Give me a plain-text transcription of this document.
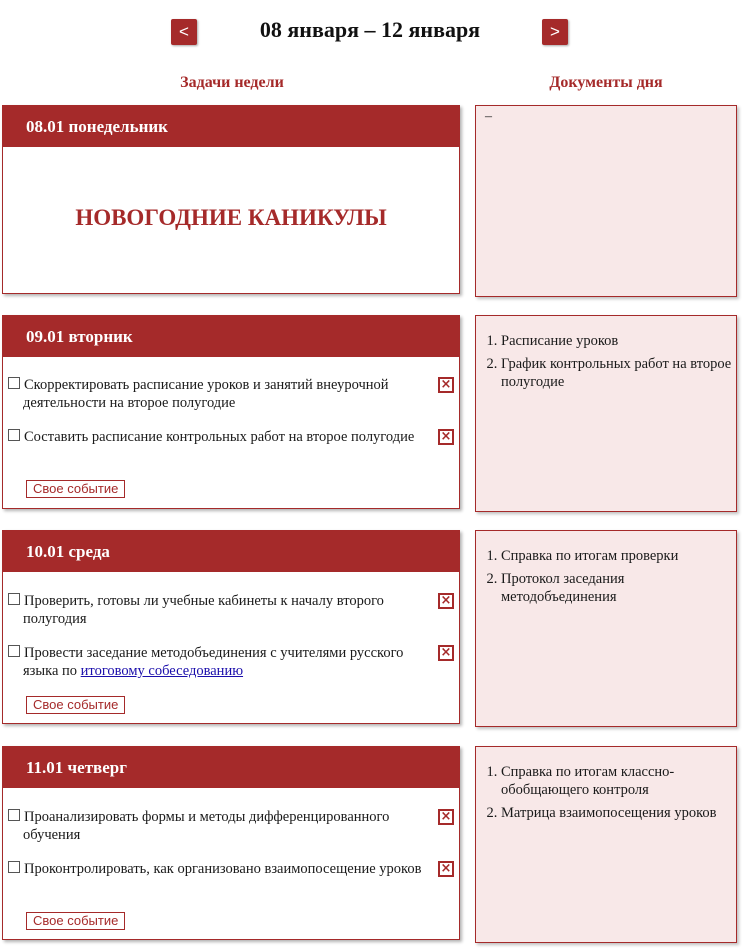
<	08 января – 12 января	>
Задачи недели	Документы дня
08.01 понедельник
НОВОГОДНИЕ КАНИКУЛЫ
–
09.01 вторник
Скорректировать расписание уроков и занятий внеурочной деятельности на второе полугодие
×
Составить расписание контрольных работ на второе полугодие	×
Свое событие
1. Расписание уроков
2. График контрольных работ на второе полугодие
10.01 среда
Проверить, готовы ли учебные кабинеты к началу второго полугодия
×
Провести заседание методобъединения с учителями русского языка по итоговому собеседованию
×
Свое событие
1. Справка по итогам проверки
2. Протокол заседания методобъединения
11.01 четверг
Проанализировать формы и методы дифференцированного обучения
×
Проконтролировать, как организовано взаимопосещение уроков	×
Свое событие
1. Справка по итогам классно-обобщающего контроля
2. Матрица взаимопосещения уроков
